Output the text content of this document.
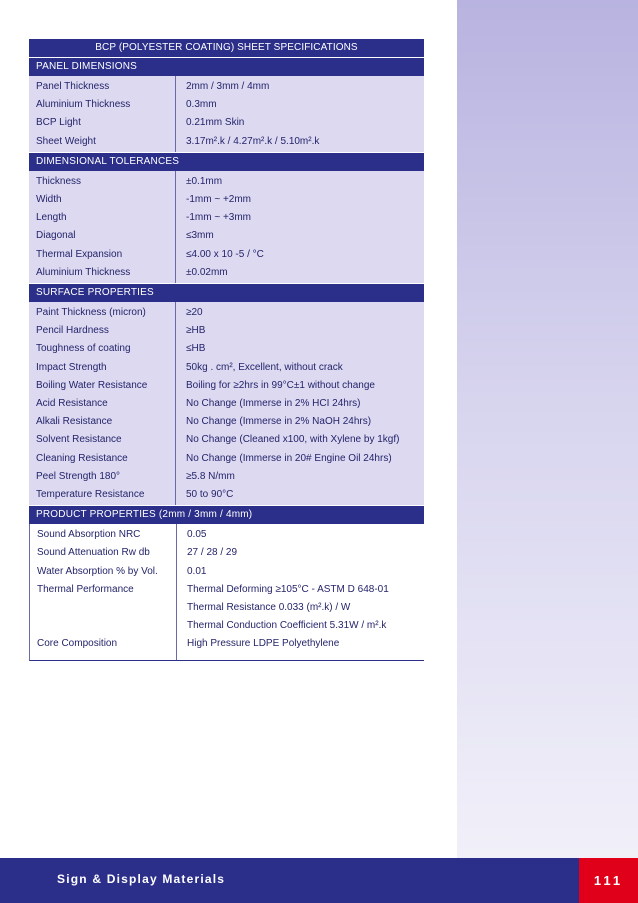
BCP (POLYESTER COATING) SHEET SPECIFICATIONS
PANEL DIMENSIONS
Panel Thickness	2mm / 3mm / 4mm
Aluminium Thickness	0.3mm
BCP Light	0.21mm Skin
Sheet Weight	3.17m².k / 4.27m².k / 5.10m².k
DIMENSIONAL TOLERANCES
Thickness	±0.1mm
Width	-1mm ~ +2mm
Length	-1mm ~ +3mm
Diagonal	≤3mm
Thermal Expansion	≤4.00 x 10 -5 / °C
Aluminium Thickness	±0.02mm
SURFACE PROPERTIES
Paint Thickness (micron)	≥20
Pencil Hardness	≥HB
Toughness of coating	≤HB
Impact Strength	50kg . cm², Excellent, without crack
Boiling Water Resistance	Boiling for ≥2hrs in 99°C±1 without change
Acid Resistance	No Change (Immerse in 2% HCI 24hrs)
Alkali Resistance	No Change (Immerse in 2% NaOH 24hrs)
Solvent Resistance	No Change (Cleaned x100, with Xylene by 1kgf)
Cleaning Resistance	No Change (Immerse in 20# Engine Oil 24hrs)
Peel Strength 180°	≥5.8 N/mm
Temperature Resistance	50 to 90°C
PRODUCT PROPERTIES (2mm / 3mm / 4mm)
Sound Absorption NRC	0.05
Sound Attenuation Rw db	27 / 28 / 29
Water Absorption % by Vol.	0.01
Thermal Performance	Thermal Deforming ≥105°C - ASTM D 648-01
Thermal Resistance 0.033 (m².k) / W
Thermal Conduction Coefficient 5.31W / m².k
Core Composition	High Pressure LDPE Polyethylene
Sign & Display Materials	111
